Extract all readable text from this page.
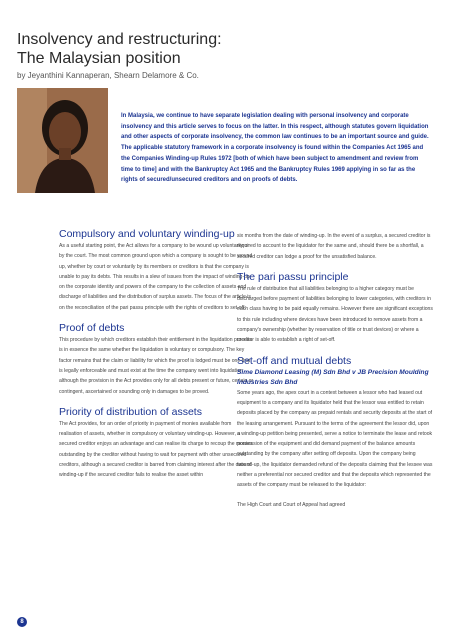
Insolvency and restructuring:
The Malaysian position
by Jeyanthini Kannaperan, Shearn Delamore & Co.

In Malaysia, we continue to have separate legislation dealing with personal insolvency and corporate insolvency and this article serves to focus on the latter. In this respect, although statutes govern liquidation and other aspects of corporate insolvency, the common law continues to be an important source and guide. The applicable statutory framework in a corporate insolvency is found within the Companies Act 1965 and the Companies Winding-up Rules 1972 [both of which have been subject to amendment and review from time to time] and with the Bankruptcy Act 1965 and the Bankruptcy Rules 1969 applying in so far as the rights of secured/unsecured creditors and on proofs of debts.

Compulsory and voluntary winding-up

As a useful starting point, the Act allows for a company to be wound up voluntarily or by the court. The most common ground upon which a company is sought to be wound up, whether by court or voluntarily by its members or creditors is that the company is unable to pay its debts. This results in a slew of issues from the impact of winding-up on the corporate identity and powers of the company to the collection of assets and discharge of liabilities and the distribution of surplus assets. The focus of the article is on the reconciliation of the pari passu principle with the rights of creditors to set-off.

Proof of debts

This procedure by which creditors establish their entitlement in the liquidation process is in essence the same whether the liquidation is voluntary or compulsory. The key factor remains that the claim or liability for which the proof is lodged must be one that is legally enforceable and must exist at the time the company went into liquidation although the provision in the Act provides only for all debts present or future, certain or contingent, ascertained or sounding only in damages to be proved.

Priority of distribution of assets

The Act provides, for an order of priority in payment of monies available from realisation of assets, whether in compulsory or voluntary winding-up. However, a secured creditor enjoys an advantage and can realise its charge to recoup the monies outstanding by the creditor without having to wait for payment with other unsecured creditors, although a secured creditor is barred from claiming interest after the date of winding-up if the secured creditor fails to realise the asset within

six months from the date of winding-up. In the event of a surplus, a secured creditor is required to account to the liquidator for the same and, should there be a shortfall, a secured creditor can lodge a proof for the unsatisfied balance.

The pari passu principle

The rule of distribution that all liabilities belonging to a higher category must be discharged before payment of liabilities belonging to lower categories, with creditors in each class having to be paid equally remains. However there are significant exceptions to this rule including where devices have been introduced to remove assets from a company's ownership (whether by reservation of title or trust devices) or where a creditor is able to establish a right of set-off.

Set-off and mutual debts
Sime Diamond Leasing (M) Sdn Bhd v JB Precision Moulding Industries Sdn Bhd

Some years ago, the apex court in a context between a lessor who had leased out equipment to a company and its liquidator held that the lessor was entitled to retain deposits placed by the company as prepaid rentals and security deposits at the start of the leasing arrangement. Pursuant to the terms of the agreement the lessor did, upon a winding-up petition being presented, serve a notice to terminate the lease and retook possession of the equipment and did demand payment of the balance amounts outstanding by the company after setting off deposits. Upon the company being wound-up, the liquidator demanded refund of the deposits claiming that the lessee was neither a preferential nor secured creditor and that the deposits which represented the assets of the company must be released to the liquidator:

The High Court and Court of Appeal had agreed

8
